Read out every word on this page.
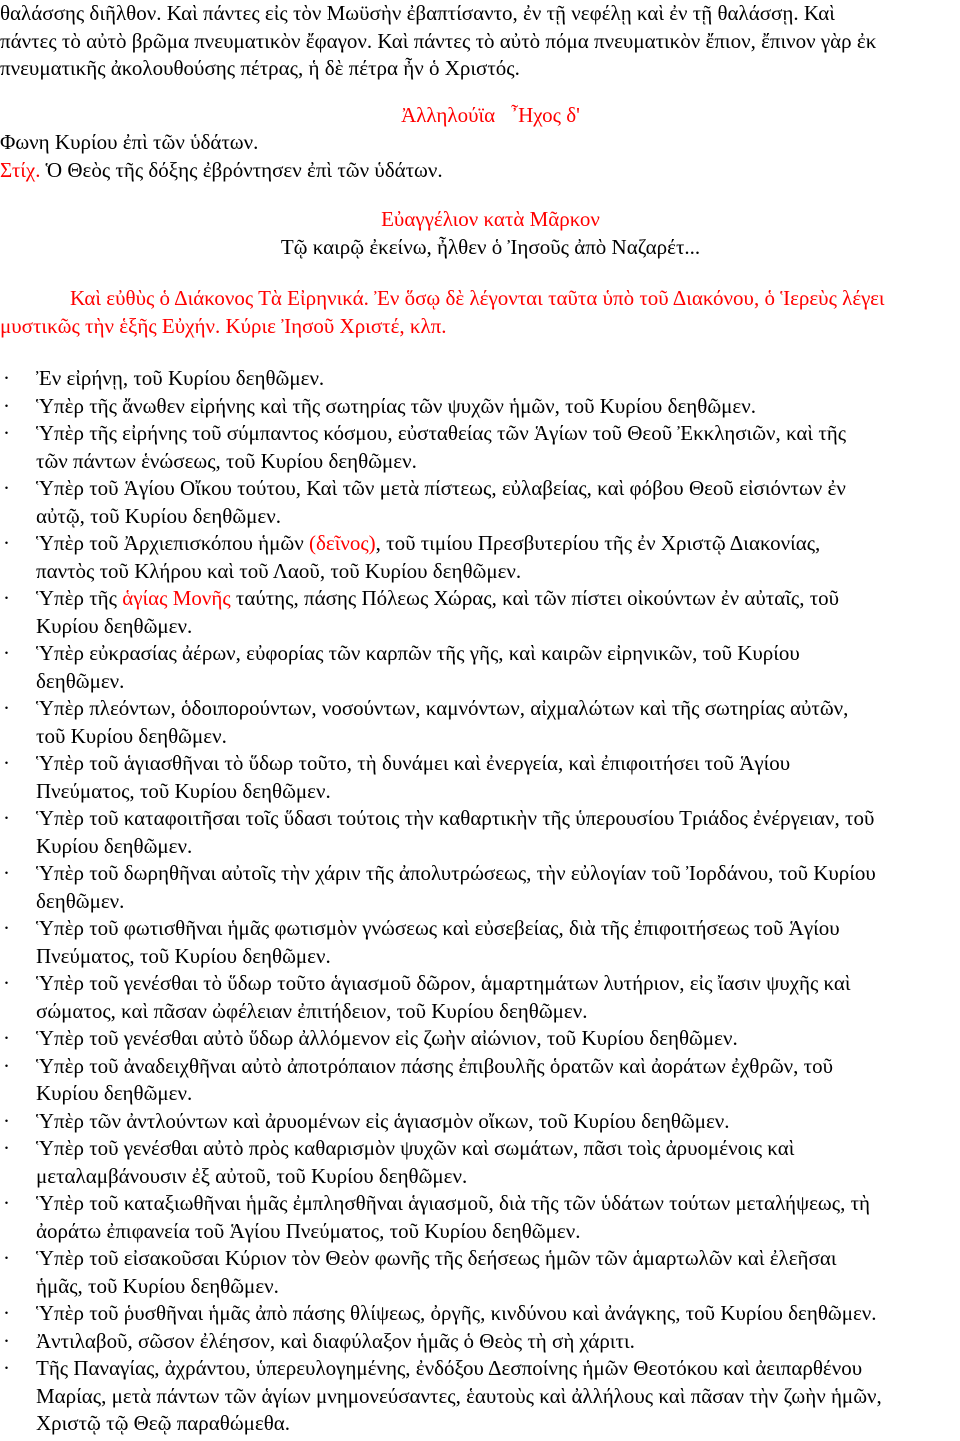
θαλάσσης διῆλθον. Καὶ πάντες εἰς τὸν Μωϋσὴν ἐβαπτίσαντο, ἐν τῇ νεφέλῃ καὶ ἐν τῇ θαλάσσῃ. Καὶ
πάντες τὸ αὐτὸ βρῶμα πνευματικὸν ἔφαγον. Καὶ πάντες τὸ αὐτὸ πόμα πνευματικὸν ἔπιον, ἔπινον γὰρ ἐκ
πνευματικῆς ἀκολουθούσης πέτρας, ἡ δὲ πέτρα ἦν ὁ Χριστός.
Ἀλληλούϊα ῏Ηχος δ'
Φωνη Κυρίου ἐπὶ τῶν ὑδάτων.
Στίχ. Ὁ Θεὸς τῆς δόξης ἐβρόντησεν ἐπὶ τῶν ὑδάτων.
Εὐαγγέλιον κατὰ Μᾶρκον
Τῷ καιρῷ ἐκείνω, ἦλθεν ὁ Ἰησοῦς ἀπὸ Ναζαρέτ...
Καὶ εὐθὺς ὁ Διάκονος Τὰ Εἰρηνικά. Ἐν ὅσῳ δὲ λέγονται ταῦτα ὑπὸ τοῦ Διακόνου, ὁ Ἱερεὺς λέγει
μυστικῶς τὴν ἑξῆς Εὐχήν. Κύριε Ἰησοῦ Χριστέ, κλπ.
· Ἐν εἰρήνῃ, τοῦ Κυρίου δεηθῶμεν.
· Ὑπὲρ τῆς ἄνωθεν εἰρήνης καὶ τῆς σωτηρίας τῶν ψυχῶν ἡμῶν, τοῦ Κυρίου δεηθῶμεν.
· Ὑπὲρ τῆς εἰρήνης τοῦ σύμπαντος κόσμου, εὐσταθείας τῶν Ἁγίων τοῦ Θεοῦ Ἐκκλησιῶν, καὶ τῆς
τῶν πάντων ἑνώσεως, τοῦ Κυρίου δεηθῶμεν.
· Ὑπὲρ τοῦ Ἁγίου Οἴκου τούτου, Καὶ τῶν μετὰ πίστεως, εὐλαβείας, καὶ φόβου Θεοῦ εἰσιόντων ἐν
αὐτῷ, τοῦ Κυρίου δεηθῶμεν.
· Ὑπὲρ τοῦ Ἀρχιεπισκόπου ἡμῶν (δεῖνος), τοῦ τιμίου Πρεσβυτερίου τῆς ἐν Χριστῷ Διακονίας,
παντὸς τοῦ Κλήρου καὶ τοῦ Λαοῦ, τοῦ Κυρίου δεηθῶμεν.
· Ὑπὲρ τῆς ἁγίας Μονῆς ταύτης, πάσης Πόλεως Χώρας, καὶ τῶν πίστει οἰκούντων ἐν αὐταῖς, τοῦ
Κυρίου δεηθῶμεν.
· Ὑπὲρ εὐκρασίας ἀέρων, εὐφορίας τῶν καρπῶν τῆς γῆς, καὶ καιρῶν εἰρηνικῶν, τοῦ Κυρίου
δεηθῶμεν.
· Ὑπὲρ πλεόντων, ὁδοιπορούντων, νοσούντων, καμνόντων, αἰχμαλώτων καὶ τῆς σωτηρίας αὐτῶν,
τοῦ Κυρίου δεηθῶμεν.
· Ὑπὲρ τοῦ ἁγιασθῆναι τὸ ὕδωρ τοῦτο, τὴ δυνάμει καὶ ἐνεργεία, καὶ ἐπιφοιτήσει τοῦ Ἁγίου
Πνεύματος, τοῦ Κυρίου δεηθῶμεν.
· Ὑπὲρ τοῦ καταφοιτῆσαι τοῖς ὕδασι τούτοις τὴν καθαρτικὴν τῆς ὑπερουσίου Τριάδος ἐνέργειαν, τοῦ
Κυρίου δεηθῶμεν.
· Ὑπὲρ τοῦ δωρηθῆναι αὐτοῖς τὴν χάριν τῆς ἀπολυτρώσεως, τὴν εὐλογίαν τοῦ Ἰορδάνου, τοῦ Κυρίου
δεηθῶμεν.
· Ὑπὲρ τοῦ φωτισθῆναι ἡμᾶς φωτισμὸν γνώσεως καὶ εὐσεβείας, διὰ τῆς ἐπιφοιτήσεως τοῦ Ἁγίου
Πνεύματος, τοῦ Κυρίου δεηθῶμεν.
· Ὑπὲρ τοῦ γενέσθαι τὸ ὕδωρ τοῦτο ἁγιασμοῦ δῶρον, ἁμαρτημάτων λυτήριον, εἰς ἴασιν ψυχῆς καὶ
σώματος, καὶ πᾶσαν ὠφέλειαν ἐπιτήδειον, τοῦ Κυρίου δεηθῶμεν.
· Ὑπὲρ τοῦ γενέσθαι αὐτὸ ὕδωρ ἀλλόμενον εἰς ζωὴν αἰώνιον, τοῦ Κυρίου δεηθῶμεν.
· Ὑπὲρ τοῦ ἀναδειχθῆναι αὐτὸ ἀποτρόπαιον πάσης ἐπιβουλῆς ὁρατῶν καὶ ἀοράτων ἐχθρῶν, τοῦ
Κυρίου δεηθῶμεν.
· Ὑπὲρ τῶν ἀντλούντων καὶ ἀρυομένων εἰς ἁγιασμὸν οἴκων, τοῦ Κυρίου δεηθῶμεν.
· Ὑπὲρ τοῦ γενέσθαι αὐτὸ πρὸς καθαρισμὸν ψυχῶν καὶ σωμάτων, πᾶσι τοὶς ἀρυομένοις καὶ
μεταλαμβάνουσιν ἐξ αὐτοῦ, τοῦ Κυρίου δεηθῶμεν.
· Ὑπὲρ τοῦ καταξιωθῆναι ἡμᾶς ἐμπλησθῆναι ἁγιασμοῦ, διὰ τῆς τῶν ὑδάτων τούτων μεταλήψεως, τὴ
ἀοράτω ἐπιφανεία τοῦ Ἁγίου Πνεύματος, τοῦ Κυρίου δεηθῶμεν.
· Ὑπὲρ τοῦ εἰσακοῦσαι Κύριον τὸν Θεὸν φωνῆς τῆς δεήσεως ἡμῶν τῶν ἁμαρτωλῶν καὶ ἐλεῆσαι
ἡμᾶς, τοῦ Κυρίου δεηθῶμεν.
· Ὑπὲρ τοῦ ῥυσθῆναι ἡμᾶς ἀπὸ πάσης θλίψεως, ὀργῆς, κινδύνου καὶ ἀνάγκης, τοῦ Κυρίου δεηθῶμεν.
· Ἀντιλαβοῦ, σῶσον ἐλέησον, καὶ διαφύλαξον ἡμᾶς ὁ Θεὸς τὴ σὴ χάριτι.
· Τῆς Παναγίας, ἀχράντου, ὑπερευλογημένης, ἐνδόξου Δεσποίνης ἡμῶν Θεοτόκου καὶ ἀειπαρθένου
Μαρίας, μετὰ πάντων τῶν ἁγίων μνημονεύσαντες, ἑαυτοὺς καὶ ἀλλήλους καὶ πᾶσαν τὴν ζωὴν ἡμῶν,
Χριστῷ τῷ Θεῷ παραθώμεθα.
